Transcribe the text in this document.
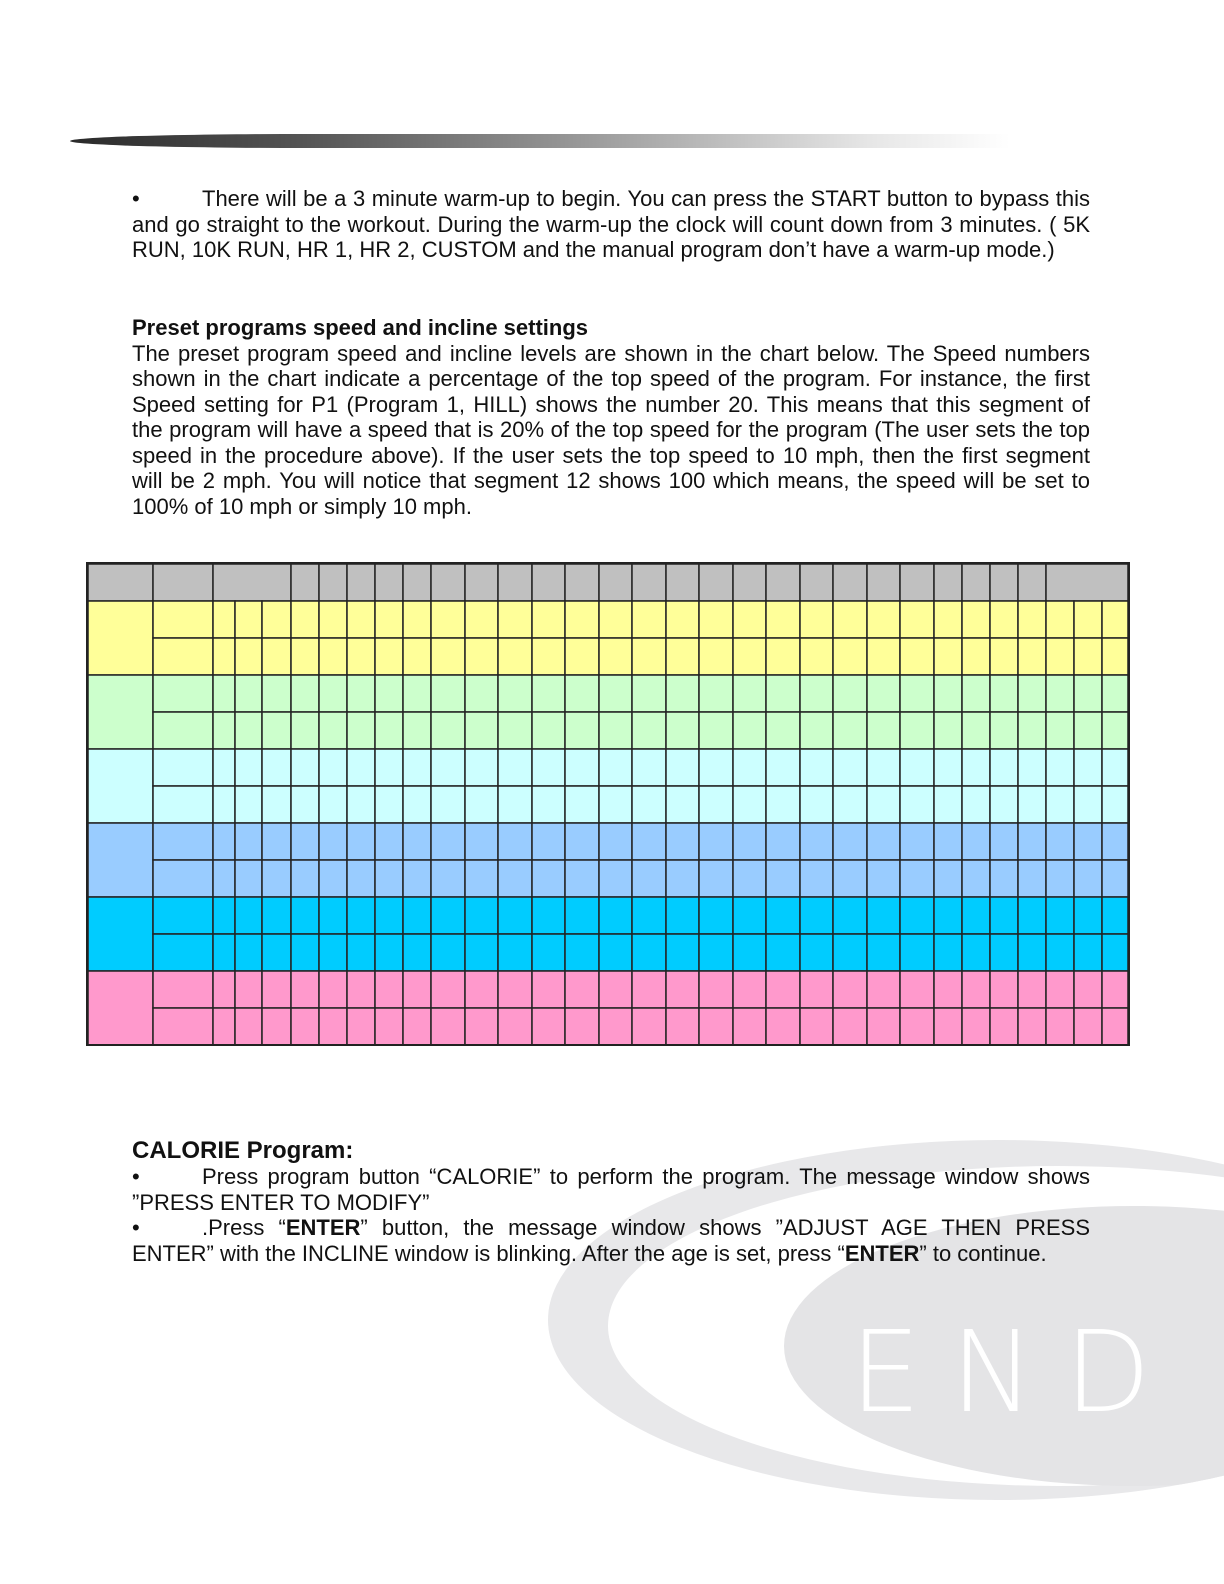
END
•	There will be a 3 minute warm-up to begin. You can press the START button to bypass this and go straight to the workout. During the warm-up the clock will count down from 3 minutes. ( 5K RUN, 10K RUN, HR 1, HR 2, CUSTOM and the manual program don’t have a warm-up mode.)
Preset programs speed and incline settings
The preset program speed and incline levels are shown in the chart below. The Speed numbers shown in the chart indicate a percentage of the top speed of the program. For instance, the first Speed setting for P1 (Program 1, HILL) shows the number 20. This means that this segment of the program will have a speed that is 20% of the top speed for the program (The user sets the top speed in the procedure above). If the user sets the top speed to 10 mph, then the first segment will be 2 mph. You will notice that segment 12 shows 100 which means, the speed will be set to 100% of 10 mph or simply 10 mph.
CALORIE Program:
•	Press program button “CALORIE” to perform the program. The message window shows ”PRESS ENTER TO MODIFY”
•	.Press “ENTER” button, the message window shows ”ADJUST AGE THEN PRESS ENTER” with the INCLINE window is blinking. After the age is set, press “ENTER” to continue.
